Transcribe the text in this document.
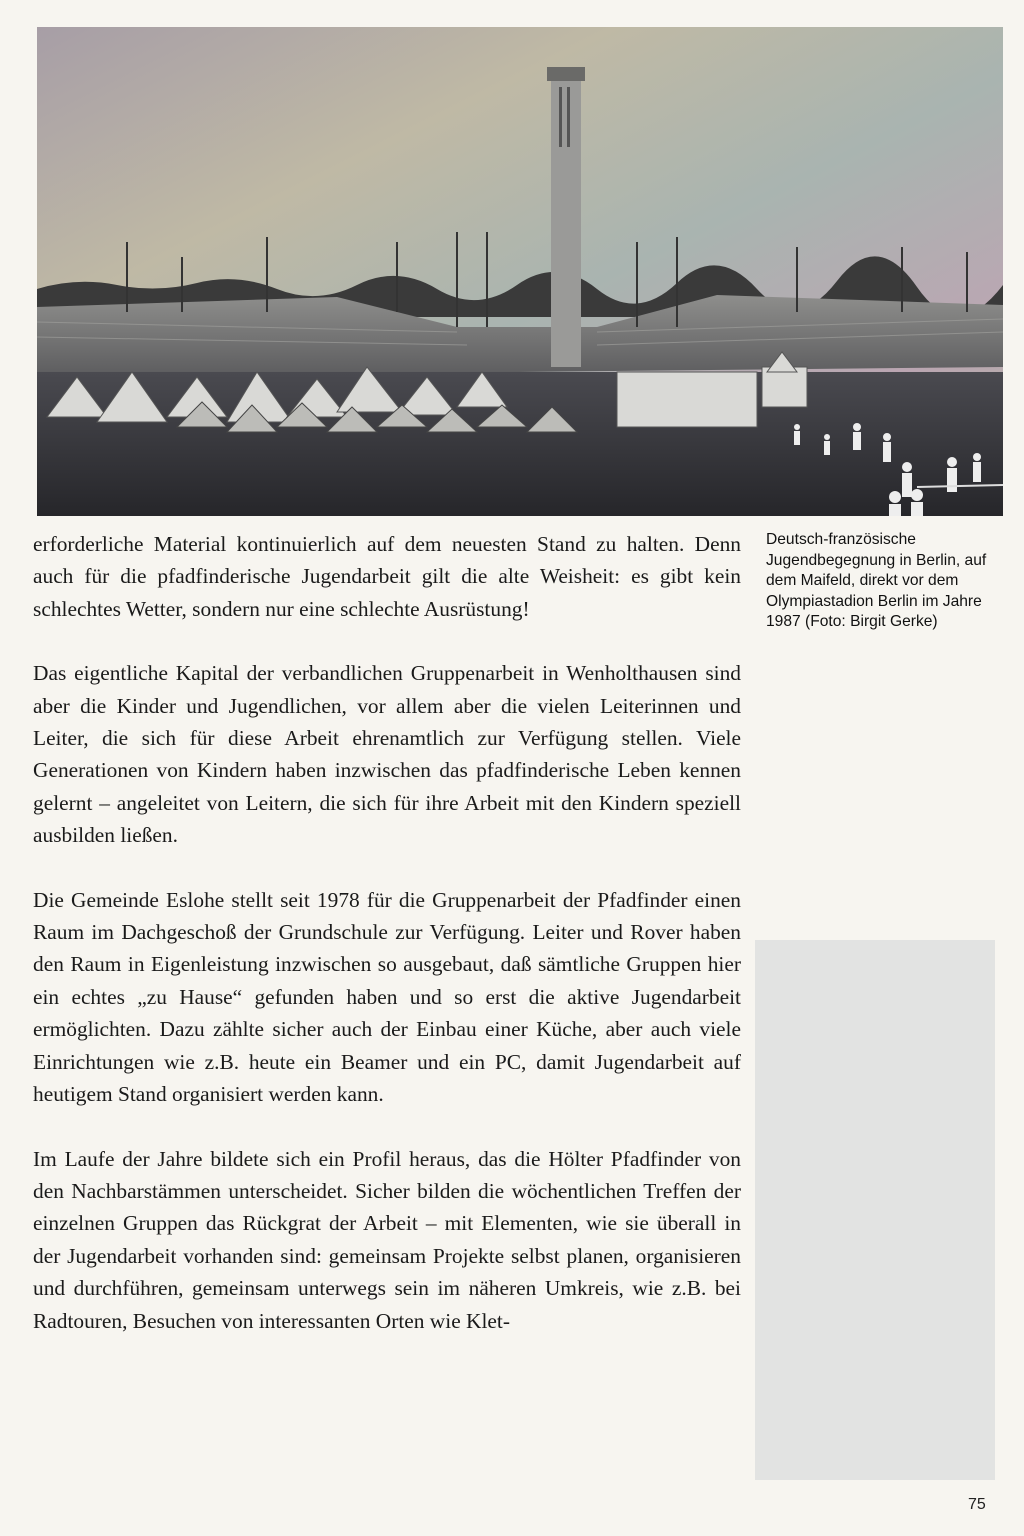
erforderliche Material kontinuierlich auf dem neuesten Stand zu halten. Denn auch für die pfadfinderische Jugendarbeit gilt die alte Weisheit: es gibt kein schlechtes Wetter, sondern nur eine schlechte Ausrüstung!

Das eigentliche Kapital der verbandlichen Gruppenarbeit in Wenholthausen sind aber die Kinder und Jugendlichen, vor allem aber die vielen Leiterinnen und Leiter, die sich für diese Arbeit ehrenamtlich zur Verfügung stellen. Viele Generationen von Kindern haben inzwischen das pfadfinderische Leben kennen gelernt – angeleitet von Leitern, die sich für ihre Arbeit mit den Kindern speziell ausbilden ließen.

Die Gemeinde Eslohe stellt seit 1978 für die Gruppenarbeit der Pfadfinder einen Raum im Dachgeschoß der Grundschule zur Verfügung. Leiter und Rover haben den Raum in Eigenleistung inzwischen so ausgebaut, daß sämtliche Gruppen hier ein echtes „zu Hause“ gefunden haben und so erst die aktive Jugendarbeit ermöglichten. Dazu zählte sicher auch der Einbau einer Küche, aber auch viele Einrichtungen wie z.B. heute ein Beamer und ein PC, damit Jugendarbeit auf heutigem Stand organisiert werden kann.

Im Laufe der Jahre bildete sich ein Profil heraus, das die Hölter Pfadfinder von den Nachbarstämmen unterscheidet. Sicher bilden die wöchentlichen Treffen der einzelnen Gruppen das Rückgrat der Arbeit – mit Elementen, wie sie überall in der Jugendarbeit vorhanden sind: gemeinsam Projekte selbst planen, organisieren und durchführen, gemeinsam unterwegs sein im näheren Umkreis, wie z.B. bei Radtouren, Besuchen von interessanten Orten wie Klet-

Deutsch-französische Jugendbegegnung in Berlin, auf dem Maifeld, direkt vor dem Olympiastadion Berlin im Jahre 1987 (Foto: Birgit Gerke)
75
